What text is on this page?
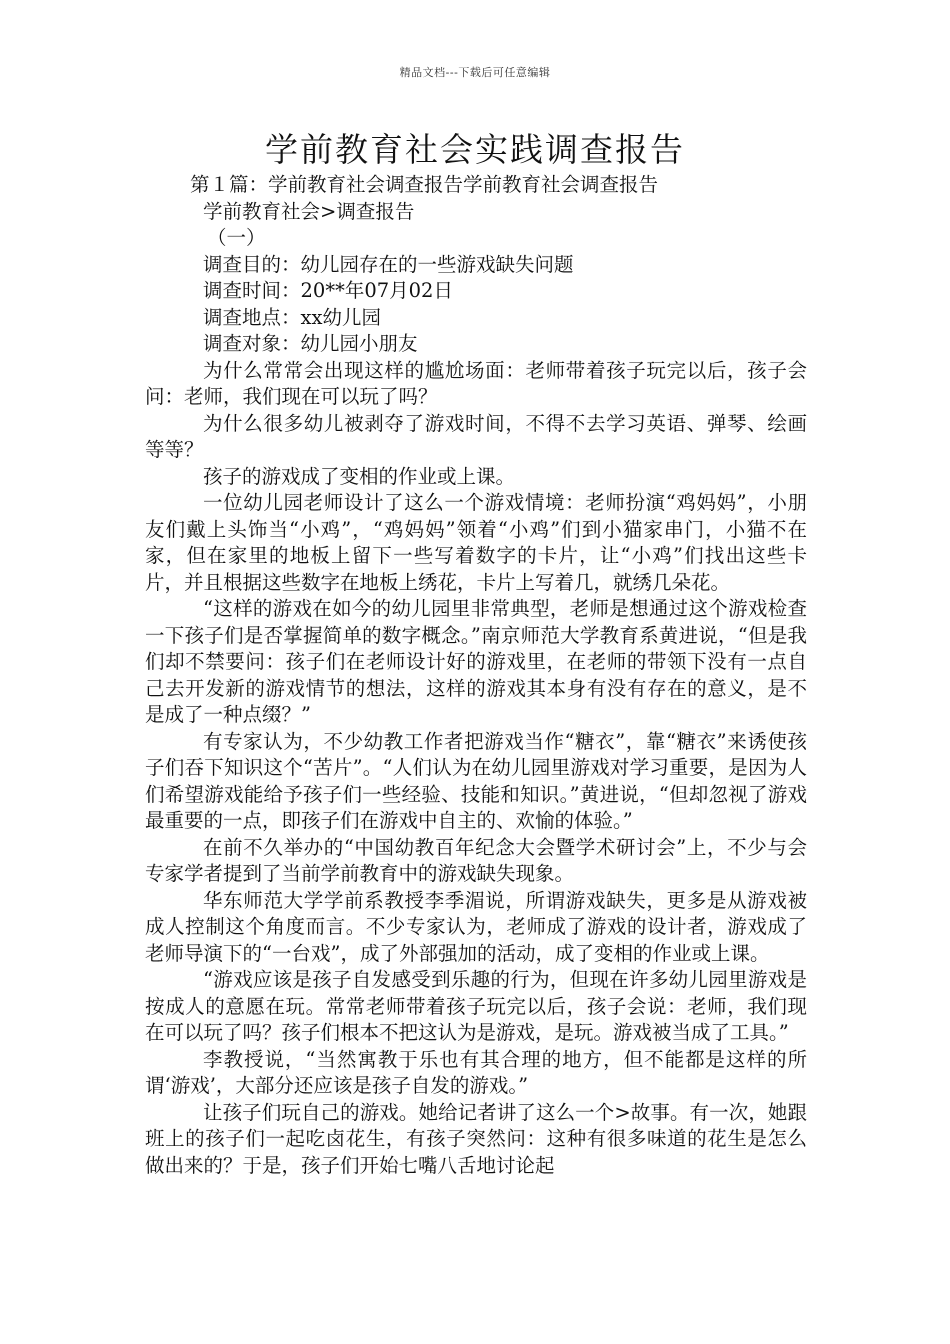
精品文档---下载后可任意编辑
学前教育社会实践调查报告

第１篇：学前教育社会调查报告学前教育社会调查报告

学前教育社会>调查报告

（一）

调查目的：幼儿园存在的一些游戏缺失问题

调查时间：20**年07月02日

调查地点：xx幼儿园

调查对象：幼儿园小朋友

为什么常常会出现这样的尴尬场面：老师带着孩子玩完以后，孩子会问：老师，我们现在可以玩了吗？

为什么很多幼儿被剥夺了游戏时间，不得不去学习英语、弹琴、绘画等等？

孩子的游戏成了变相的作业或上课。

一位幼儿园老师设计了这么一个游戏情境：老师扮演“鸡妈妈”，小朋友们戴上头饰当“小鸡”，“鸡妈妈”领着“小鸡”们到小猫家串门，小猫不在家，但在家里的地板上留下一些写着数字的卡片，让“小鸡”们找出这些卡片，并且根据这些数字在地板上绣花，卡片上写着几，就绣几朵花。

“这样的游戏在如今的幼儿园里非常典型，老师是想通过这个游戏检查一下孩子们是否掌握简单的数字概念。”南京师范大学教育系黄进说，“但是我们却不禁要问：孩子们在老师设计好的游戏里，在老师的带领下没有一点自己去开发新的游戏情节的想法，这样的游戏其本身有没有存在的意义，是不是成了一种点缀？”

有专家认为，不少幼教工作者把游戏当作“糖衣”，靠“糖衣”来诱使孩子们吞下知识这个“苦片”。“人们认为在幼儿园里游戏对学习重要，是因为人们希望游戏能给予孩子们一些经验、技能和知识。”黄进说，“但却忽视了游戏最重要的一点，即孩子们在游戏中自主的、欢愉的体验。”

在前不久举办的“中国幼教百年纪念大会暨学术研讨会”上，不少与会专家学者提到了当前学前教育中的游戏缺失现象。

华东师范大学学前系教授李季湄说，所谓游戏缺失，更多是从游戏被成人控制这个角度而言。不少专家认为，老师成了游戏的设计者，游戏成了老师导演下的“一台戏”，成了外部强加的活动，成了变相的作业或上课。

“游戏应该是孩子自发感受到乐趣的行为，但现在许多幼儿园里游戏是按成人的意愿在玩。常常老师带着孩子玩完以后，孩子会说：老师，我们现在可以玩了吗？孩子们根本不把这认为是游戏，是玩。游戏被当成了工具。”

李教授说，“当然寓教于乐也有其合理的地方，但不能都是这样的所谓‘游戏’，大部分还应该是孩子自发的游戏。”

让孩子们玩自己的游戏。她给记者讲了这么一个>故事。有一次，她跟班上的孩子们一起吃卤花生，有孩子突然问：这种有很多味道的花生是怎么做出来的？于是，孩子们开始七嘴八舌地讨论起
